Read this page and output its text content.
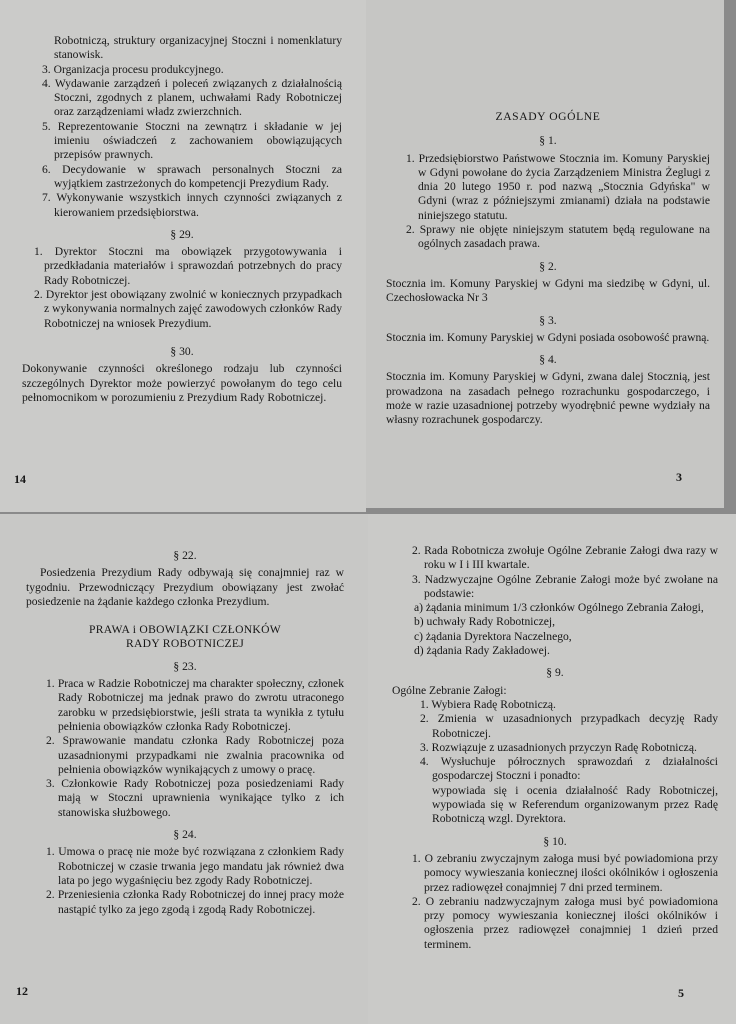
Robotniczą, struktury organizacyjnej Stoczni i nomenklatury stanowisk.

3. Organizacja procesu produkcyjnego.

4. Wydawanie zarządzeń i poleceń związanych z działalnością Stoczni, zgodnych z planem, uchwałami Rady Robotniczej oraz zarządzeniami władz zwierzchnich.

5. Reprezentowanie Stoczni na zewnątrz i składanie w jej imieniu oświadczeń z zachowaniem obowiązujących przepisów prawnych.

6. Decydowanie w sprawach personalnych Stoczni za wyjątkiem zastrzeżonych do kompetencji Prezydium Rady.

7. Wykonywanie wszystkich innych czynności związanych z kierowaniem przedsiębiorstwa.

§ 29.

1. Dyrektor Stoczni ma obowiązek przygotowywania i przedkładania materiałów i sprawozdań potrzebnych do pracy Rady Robotniczej.

2. Dyrektor jest obowiązany zwolnić w koniecznych przypadkach z wykonywania normalnych zajęć zawodowych członków Rady Robotniczej na wniosek Prezydium.

§ 30.

Dokonywanie czynności określonego rodzaju lub czynności szczególnych Dyrektor może powierzyć powołanym do tego celu pełnomocnikom w porozumieniu z Prezydium Rady Robotniczej.

14

ZASADY OGÓLNE

§ 1.

1. Przedsiębiorstwo Państwowe Stocznia im. Komuny Paryskiej w Gdyni powołane do życia Zarządzeniem Ministra Żeglugi z dnia 20 lutego 1950 r. pod nazwą „Stocznia Gdyńska" w Gdyni (wraz z późniejszymi zmianami) działa na podstawie niniejszego statutu.

2. Sprawy nie objęte niniejszym statutem będą regulowane na ogólnych zasadach prawa.

§ 2.

Stocznia im. Komuny Paryskiej w Gdyni ma siedzibę w Gdyni, ul. Czechosłowacka Nr 3

§ 3.

Stocznia im. Komuny Paryskiej w Gdyni posiada osobowość prawną.

§ 4.

Stocznia im. Komuny Paryskiej w Gdyni, zwana dalej Stocznią, jest prowadzona na zasadach pełnego rozrachunku gospodarczego, i może w razie uzasadnionej potrzeby wyodrębnić pewne wydziały na własny rozrachunek gospodarczy.

3

§ 22.

Posiedzenia Prezydium Rady odbywają się conajmniej raz w tygodniu. Przewodniczący Prezydium obowiązany jest zwołać posiedzenie na żądanie każdego członka Prezydium.

PRAWA i OBOWIĄZKI CZŁONKÓW

RADY ROBOTNICZEJ

§ 23.

1. Praca w Radzie Robotniczej ma charakter społeczny, członek Rady Robotniczej ma jednak prawo do zwrotu utraconego zarobku w przedsiębiorstwie, jeśli strata ta wynikła z tytułu pełnienia obowiązków członka Rady Robotniczej.

2. Sprawowanie mandatu członka Rady Robotniczej poza uzasadnionymi przypadkami nie zwalnia pracownika od pełnienia obowiązków wynikających z umowy o pracę.

3. Członkowie Rady Robotniczej poza posiedzeniami Rady mają w Stoczni uprawnienia wynikające tylko z ich stanowiska służbowego.

§ 24.

1. Umowa o pracę nie może być rozwiązana z członkiem Rady Robotniczej w czasie trwania jego mandatu jak również dwa lata po jego wygaśnięciu bez zgody Rady Robotniczej.

2. Przeniesienia członka Rady Robotniczej do innej pracy może nastąpić tylko za jego zgodą i zgodą Rady Robotniczej.

12

2. Rada Robotnicza zwołuje Ogólne Zebranie Załogi dwa razy w roku w I i III kwartale.

3. Nadzwyczajne Ogólne Zebranie Załogi może być zwołane na podstawie:

a) żądania minimum 1/3 członków Ogólnego Zebrania Załogi,

b) uchwały Rady Robotniczej,

c) żądania Dyrektora Naczelnego,

d) żądania Rady Zakładowej.

§ 9.

Ogólne Zebranie Załogi:

1. Wybiera Radę Robotniczą.

2. Zmienia w uzasadnionych przypadkach decyzję Rady Robotniczej.

3. Rozwiązuje z uzasadnionych przyczyn Radę Robotniczą.

4. Wysłuchuje półrocznych sprawozdań z działalności gospodarczej Stoczni i ponadto:

wypowiada się i ocenia działalność Rady Robotniczej, wypowiada się w Referendum organizowanym przez Radę Robotniczą wzgl. Dyrektora.

§ 10.

1. O zebraniu zwyczajnym załoga musi być powiadomiona przy pomocy wywieszania koniecznej ilości okólników i ogłoszenia przez radiowęzeł conajmniej 7 dni przed terminem.

2. O zebraniu nadzwyczajnym załoga musi być powiadomiona przy pomocy wywieszania koniecznej ilości okólników i ogłoszenia przez radiowęzeł conajmniej 1 dzień przed terminem.

5
